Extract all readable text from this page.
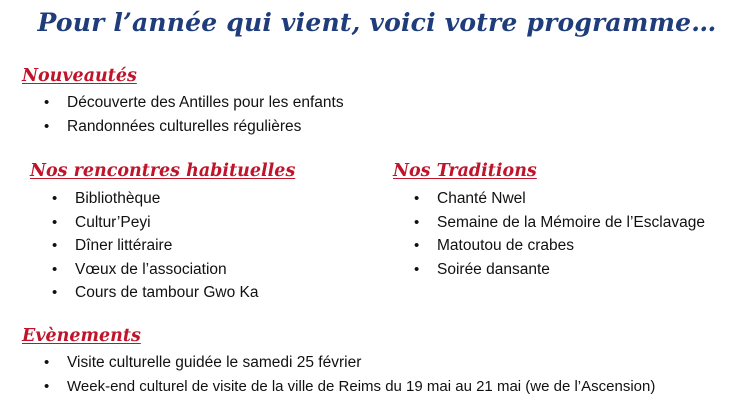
Pour l’année qui vient, voici votre programme…
Nouveautés
• Découverte des Antilles pour les enfants
• Randonnées culturelles régulières
Nos rencontres habituelles
• Bibliothèque
• Cultur’Peyi
• Dîner littéraire
• Vœux de l’association
• Cours de tambour Gwo Ka
Nos Traditions
• Chanté Nwel
• Semaine de la Mémoire de l’Esclavage
• Matoutou de crabes
• Soirée dansante
Evènements
• Visite culturelle guidée le samedi 25 février
• Week-end culturel de visite de la ville de Reims du 19 mai au 21 mai (we de l’Ascension)
